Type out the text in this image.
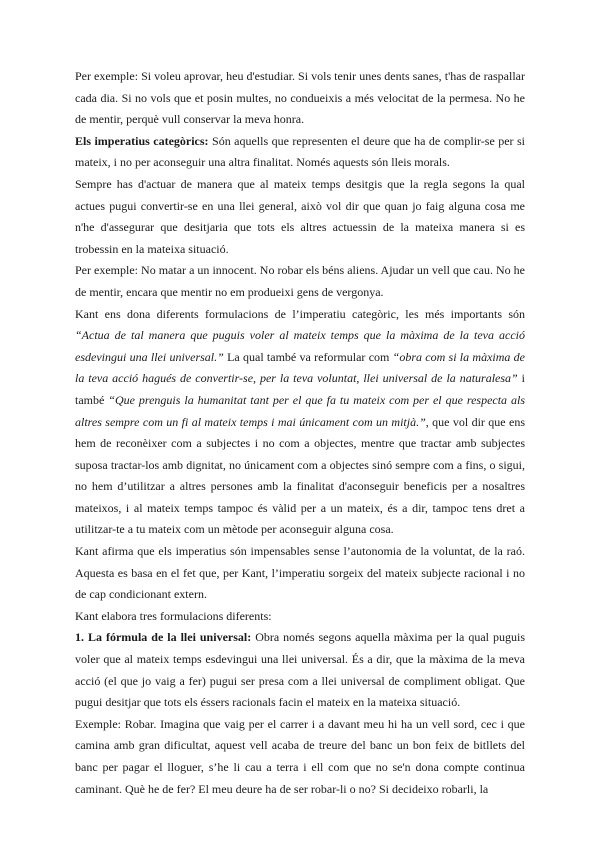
Per exemple: Si voleu aprovar, heu d'estudiar. Si vols tenir unes dents sanes, t'has de raspallar cada dia. Si no vols que et posin multes, no condueixis a més velocitat de la permesa. No he de mentir, perquè vull conservar la meva honra.

Els imperatius categòrics: Són aquells que representen el deure que ha de complir-se per si mateix, i no per aconseguir una altra finalitat. Només aquests són lleis morals.

Sempre has d'actuar de manera que al mateix temps desitgis que la regla segons la qual actues pugui convertir-se en una llei general, això vol dir que quan jo faig alguna cosa me n'he d'assegurar que desitjaria que tots els altres actuessin de la mateixa manera si es trobessin en la mateixa situació.

Per exemple: No matar a un innocent. No robar els béns aliens. Ajudar un vell que cau. No he de mentir, encara que mentir no em produeixi gens de vergonya.

Kant ens dona diferents formulacions de l’imperatiu categòric, les més importants són “Actua de tal manera que puguis voler al mateix temps que la màxima de la teva acció esdevingui una llei universal.” La qual també va reformular com “obra com si la màxima de la teva acció hagués de convertir-se, per la teva voluntat, llei universal de la naturalesa” i també “Que prenguis la humanitat tant per el que fa tu mateix com per el que respecta als altres sempre com un fi al mateix temps i mai únicament com un mitjà.”, que vol dir que ens hem de reconèixer com a subjectes i no com a objectes, mentre que tractar amb subjectes suposa tractar-los amb dignitat, no únicament com a objectes sinó sempre com a fins, o sigui, no hem d’utilitzar a altres persones amb la finalitat d'aconseguir beneficis per a nosaltres mateixos, i al mateix temps tampoc és vàlid per a un mateix, és a dir, tampoc tens dret a utilitzar-te a tu mateix com un mètode per aconseguir alguna cosa.

Kant afirma que els imperatius són impensables sense l’autonomia de la voluntat, de la raó. Aquesta es basa en el fet que, per Kant, l’imperatiu sorgeix del mateix subjecte racional i no de cap condicionant extern.

Kant elabora tres formulacions diferents:

1. La fórmula de la llei universal: Obra només segons aquella màxima per la qual puguis voler que al mateix temps esdevingui una llei universal. És a dir, que la màxima de la meva acció (el que jo vaig a fer) pugui ser presa com a llei universal de compliment obligat. Que pugui desitjar que tots els éssers racionals facin el mateix en la mateixa situació.

Exemple: Robar. Imagina que vaig per el carrer i a davant meu hi ha un vell sord, cec i que camina amb gran dificultat, aquest vell acaba de treure del banc un bon feix de bitllets del banc per pagar el lloguer, s’he li cau a terra i ell com que no se'n dona compte continua caminant. Què he de fer? El meu deure ha de ser robar-li o no? Si decideixo robarli, la
